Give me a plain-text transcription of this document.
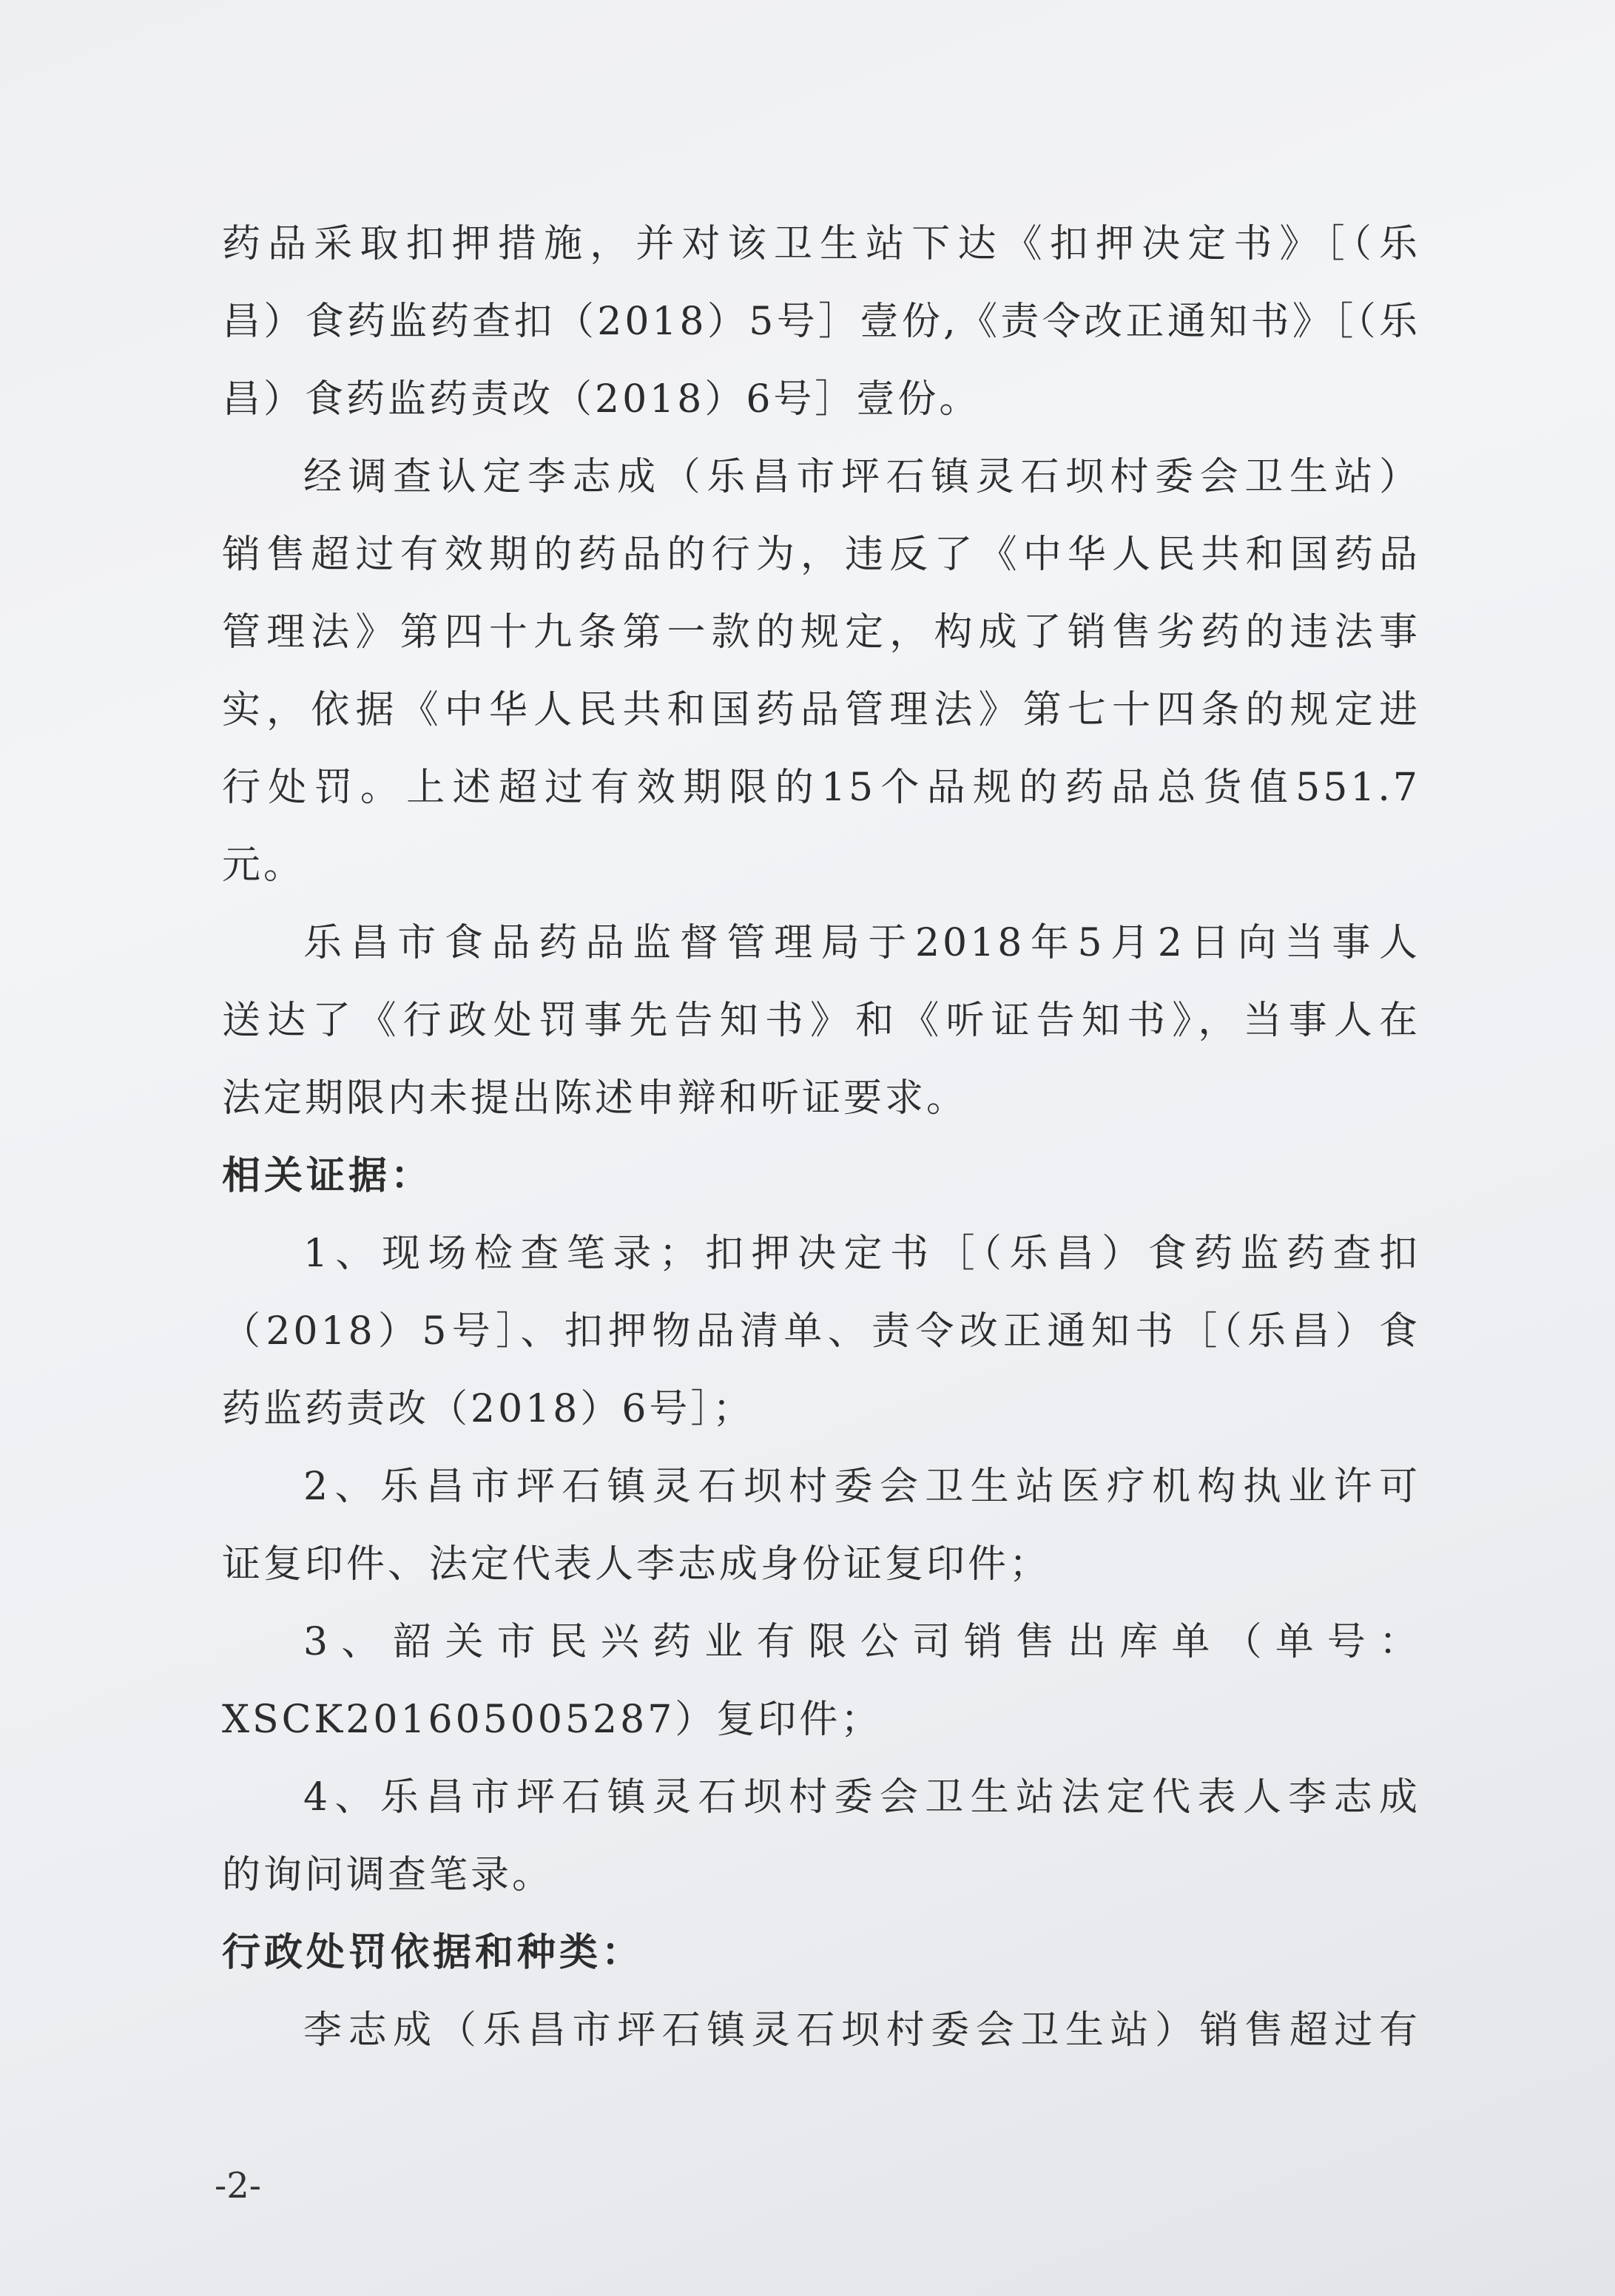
药品采取扣押措施，并对该卫生站下达《扣押决定书》［（乐
昌）食药监药查扣（2018）5号］壹份,《责令改正通知书》［（乐
昌）食药监药责改（2018）6号］壹份。
经调查认定李志成（乐昌市坪石镇灵石坝村委会卫生站）
销售超过有效期的药品的行为，违反了《中华人民共和国药品
管理法》第四十九条第一款的规定，构成了销售劣药的违法事
实，依据《中华人民共和国药品管理法》第七十四条的规定进
行处罚。上述超过有效期限的15个品规的药品总货值551.7
元。
乐昌市食品药品监督管理局于2018年5月2日向当事人
送达了《行政处罚事先告知书》和《听证告知书》，当事人在
法定期限内未提出陈述申辩和听证要求。
相关证据：
1、现场检查笔录；扣押决定书［（乐昌）食药监药查扣
（2018）5号］、扣押物品清单、责令改正通知书［（乐昌）食
药监药责改（2018）6号］；
2、乐昌市坪石镇灵石坝村委会卫生站医疗机构执业许可
证复印件、法定代表人李志成身份证复印件；
3、韶关市民兴药业有限公司销售出库单（单号：
XSCK201605005287）复印件；
4、乐昌市坪石镇灵石坝村委会卫生站法定代表人李志成
的询问调查笔录。
行政处罚依据和种类：
李志成（乐昌市坪石镇灵石坝村委会卫生站）销售超过有
-2-
